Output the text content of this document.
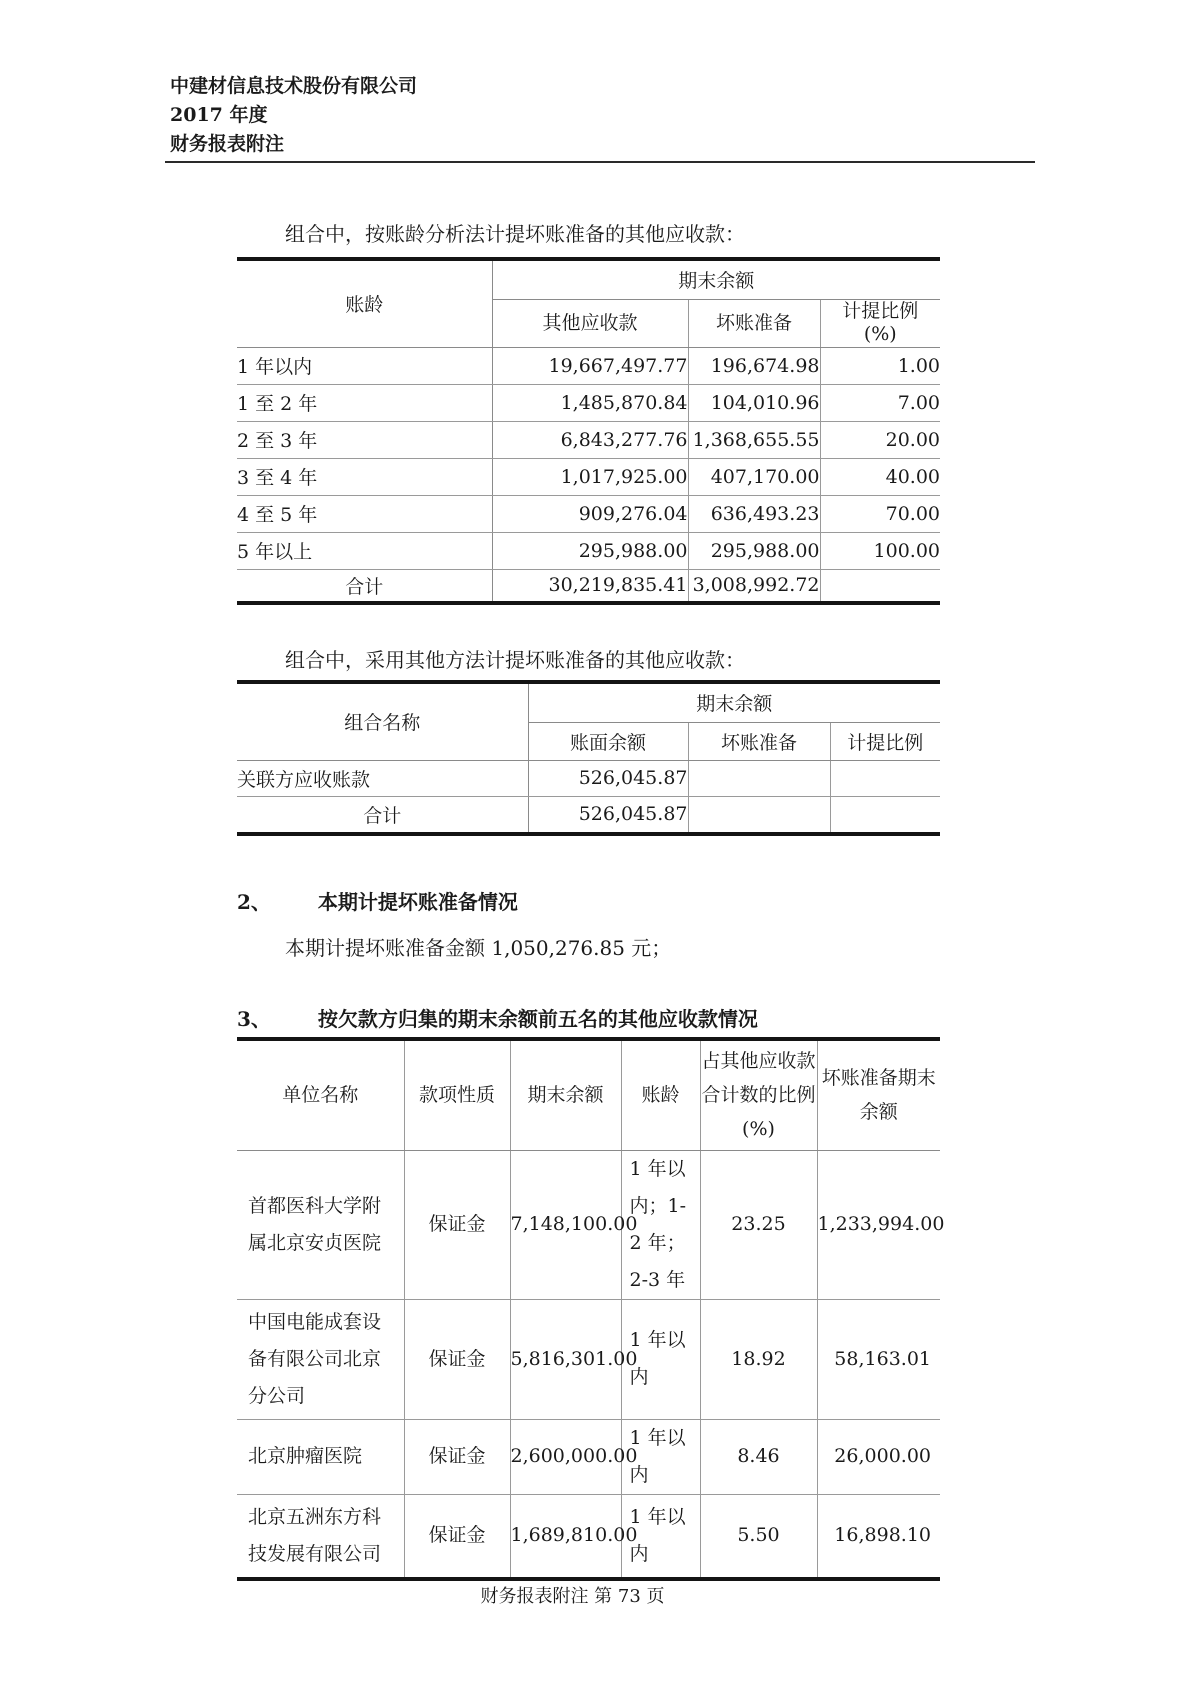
中建材信息技术股份有限公司
2017 年度
财务报表附注
组合中，按账龄分析法计提坏账准备的其他应收款：
账龄	期末余额		
	其他应收款	坏账准备	计提比例
(%)
1 年以内	19,667,497.77	196,674.98	1.00
1 至 2 年	1,485,870.84	104,010.96	7.00
2 至 3 年	6,843,277.76	1,368,655.55	20.00
3 至 4 年	1,017,925.00	407,170.00	40.00
4 至 5 年	909,276.04	636,493.23	70.00
5 年以上	295,988.00	295,988.00	100.00
合计	30,219,835.41	3,008,992.72	
组合中，采用其他方法计提坏账准备的其他应收款：
组合名称	期末余额		
	账面余额	坏账准备	计提比例
关联方应收账款	526,045.87		
合计	526,045.87		
2、 本期计提坏账准备情况
本期计提坏账准备金额 1,050,276.85 元；
3、 按欠款方归集的期末余额前五名的其他应收款情况
单位名称	款项性质	期末余额	账龄	占其他应收款合计数的比例(%)	坏账准备期末余额
首都医科大学附属北京安贞医院	保证金	7,148,100.00	1 年以内；1-2 年；2-3 年	23.25	1,233,994.00
中国电能成套设备有限公司北京分公司	保证金	5,816,301.00	1 年以内	18.92	58,163.01
北京肿瘤医院	保证金	2,600,000.00	1 年以内	8.46	26,000.00
北京五洲东方科技发展有限公司	保证金	1,689,810.00	1 年以内	5.50	16,898.10
财务报表附注 第 73 页
